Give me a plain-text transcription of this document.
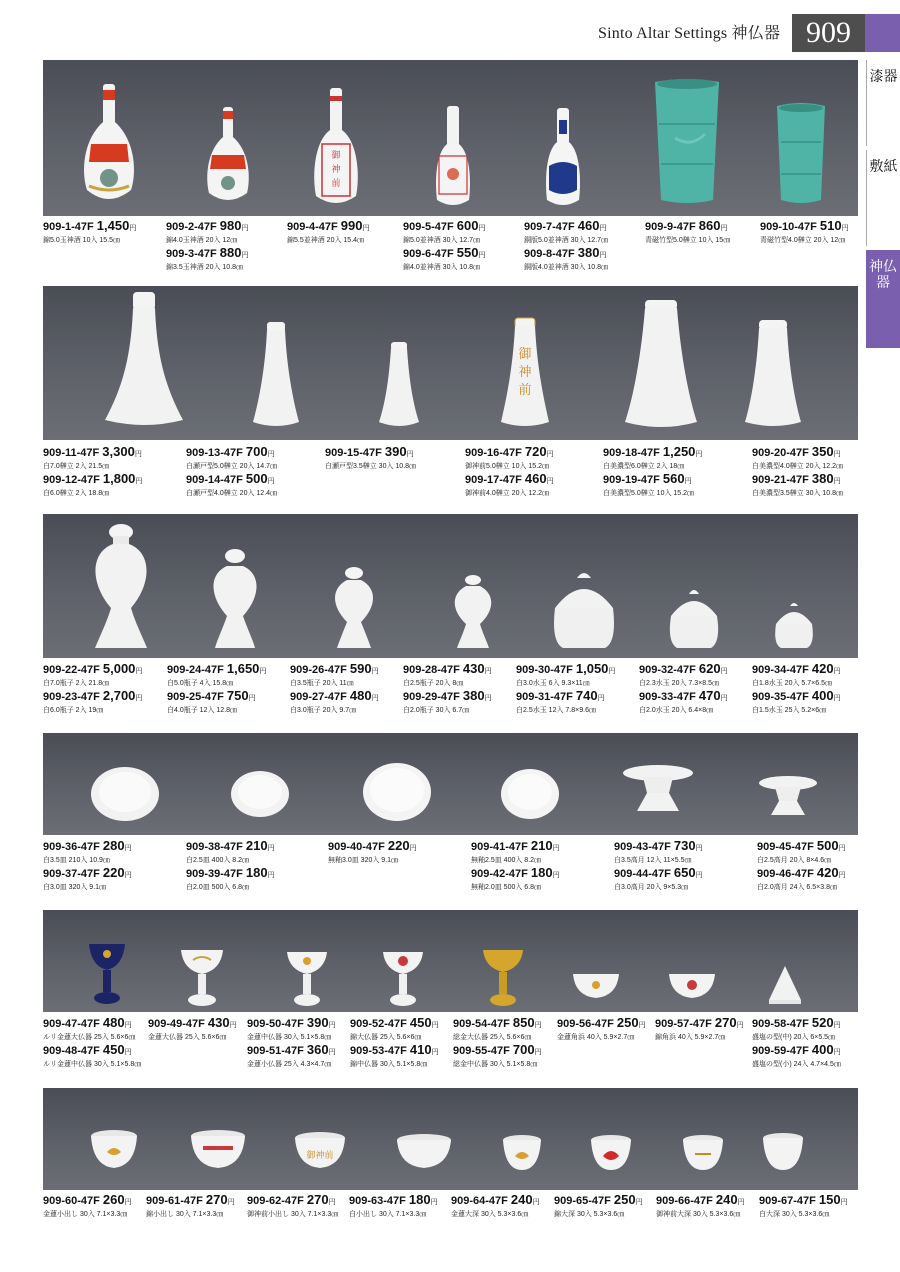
Sinto Altar Settings 神仏器 909
漆器
敷紙
神仏器
御
神
前
909-1-47F 1,450円
錦5.0玉神酒 10入 15.5㎝
909-2-47F 980円
錦4.0玉神酒 20入 12㎝
909-3-47F 880円
錦3.5玉神酒 20入 10.8㎝
909-4-47F 990円
錦5.5並神酒 20入 15.4㎝
909-5-47F 600円
錦5.0並神酒 30入 12.7㎝
909-6-47F 550円
錦4.0並神酒 30入 10.8㎝
909-7-47F 460円
銅版5.0並神酒 30入 12.7㎝
909-8-47F 380円
銅版4.0並神酒 30入 10.8㎝
909-9-47F 860円
青磁竹型5.0榊立 10入 15㎝
909-10-47F 510円
青磁竹型4.0榊立 20入 12㎝
御
神
前
909-11-47F 3,300円
白7.0榊立 2入 21.5㎝
909-12-47F 1,800円
白6.0榊立 2入 18.8㎝
909-13-47F 700円
白瀬戸型5.0榊立 20入 14.7㎝
909-14-47F 500円
白瀬戸型4.0榊立 20入 12.4㎝
909-15-47F 390円
白瀬戸型3.5榊立 30入 10.8㎝
909-16-47F 720円
御神前5.0榊立 10入 15.2㎝
909-17-47F 460円
御神前4.0榊立 20入 12.2㎝
909-18-47F 1,250円
白美濃型6.0榊立 2入 18㎝
909-19-47F 560円
白美濃型5.0榊立 10入 15.2㎝
909-20-47F 350円
白美濃型4.0榊立 20入 12.2㎝
909-21-47F 380円
白美濃型3.5榊立 30入 10.8㎝
909-22-47F 5,000円
白7.0瓶子 2入 21.8㎝
909-23-47F 2,700円
白6.0瓶子 2入 19㎝
909-24-47F 1,650円
白5.0瓶子 4入 15.8㎝
909-25-47F 750円
白4.0瓶子 12入 12.8㎝
909-26-47F 590円
白3.5瓶子 20入 11㎝
909-27-47F 480円
白3.0瓶子 20入 9.7㎝
909-28-47F 430円
白2.5瓶子 20入 8㎝
909-29-47F 380円
白2.0瓶子 30入 6.7㎝
909-30-47F 1,050円
白3.0水玉 6入 9.3×11㎝
909-31-47F 740円
白2.5水玉 12入 7.8×9.6㎝
909-32-47F 620円
白2.3水玉 20入 7.3×8.5㎝
909-33-47F 470円
白2.0水玉 20入 6.4×8㎝
909-34-47F 420円
白1.8水玉 20入 5.7×6.5㎝
909-35-47F 400円
白1.5水玉 25入 5.2×6㎝
909-36-47F 280円
白3.5皿 210入 10.9㎝
909-37-47F 220円
白3.0皿 320入 9.1㎝
909-38-47F 210円
白2.5皿 400入 8.2㎝
909-39-47F 180円
白2.0皿 500入 6.8㎝
909-40-47F 220円
無釉3.0皿 320入 9.1㎝
909-41-47F 210円
無釉2.5皿 400入 8.2㎝
909-42-47F 180円
無釉2.0皿 500入 6.8㎝
909-43-47F 730円
白3.5高月 12入 11×5.5㎝
909-44-47F 650円
白3.0高月 20入 9×5.3㎝
909-45-47F 500円
白2.5高月 20入 8×4.6㎝
909-46-47F 420円
白2.0高月 24入 6.5×3.8㎝
909-47-47F 480円
ルリ金蓮大仏器 25入 5.6×6㎝
909-48-47F 450円
ルリ金蓮中仏器 30入 5.1×5.8㎝
909-49-47F 430円
金蓮大仏器 25入 5.6×6㎝
909-50-47F 390円
金蓮中仏器 30入 5.1×5.8㎝
909-51-47F 360円
金蓮小仏器 25入 4.3×4.7㎝
909-52-47F 450円
錦大仏器 25入 5.6×6㎝
909-53-47F 410円
錦中仏器 30入 5.1×5.8㎝
909-54-47F 850円
総金大仏器 25入 5.6×6㎝
909-55-47F 700円
総金中仏器 30入 5.1×5.8㎝
909-56-47F 250円
金蓮角浜 40入 5.9×2.7㎝
909-57-47F 270円
錦角浜 40入 5.9×2.7㎝
909-58-47F 520円
盛塩の型(中) 20入 6×5.5㎝
909-59-47F 400円
盛塩の型(小) 24入 4.7×4.5㎝
御神前
909-60-47F 260円
金蓮小出し 30入 7.1×3.3㎝
909-61-47F 270円
錦小出し 30入 7.1×3.3㎝
909-62-47F 270円
御神前小出し 30入 7.1×3.3㎝
909-63-47F 180円
白小出し 30入 7.1×3.3㎝
909-64-47F 240円
金蓮大深 30入 5.3×3.6㎝
909-65-47F 250円
錦大深 30入 5.3×3.6㎝
909-66-47F 240円
御神前大深 30入 5.3×3.6㎝
909-67-47F 150円
白大深 30入 5.3×3.6㎝
